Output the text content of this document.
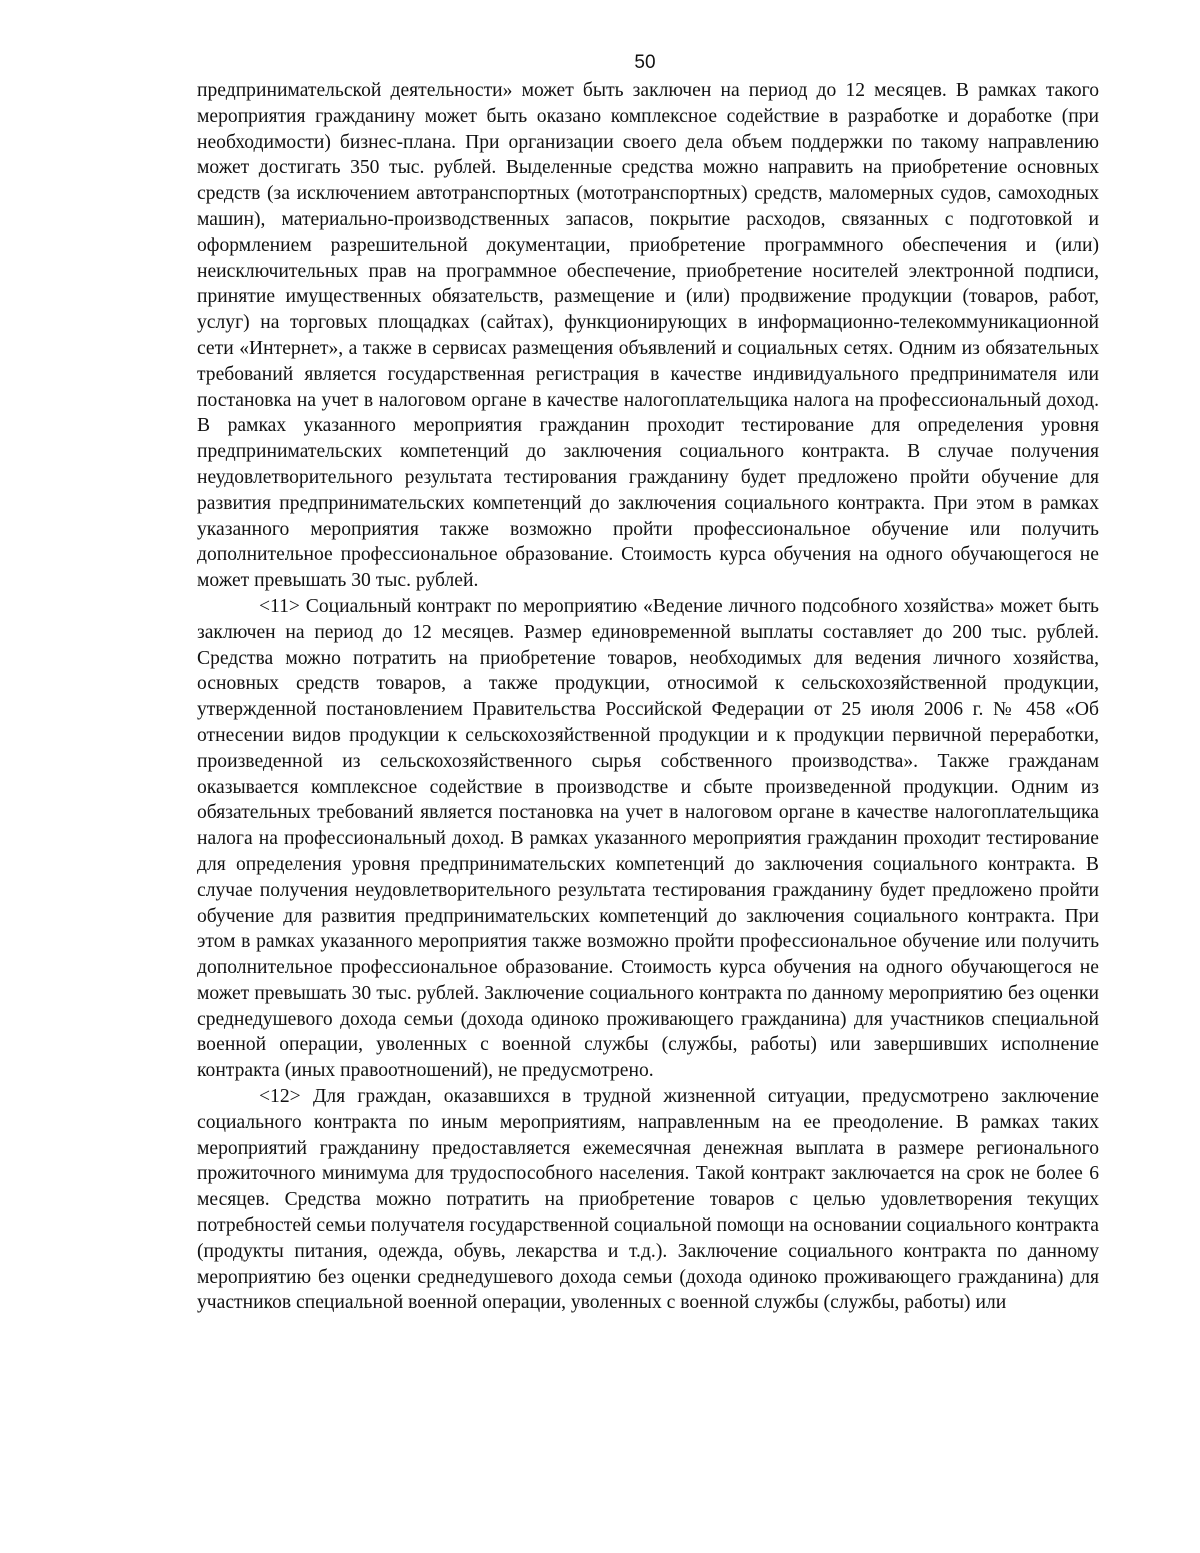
50

предпринимательской деятельности» может быть заключен на период до 12 месяцев. В рамках такого мероприятия гражданину может быть оказано комплексное содействие в разработке и доработке (при необходимости) бизнес-плана. При организации своего дела объем поддержки по такому направлению может достигать 350 тыс. рублей. Выделенные средства можно направить на приобретение основных средств (за исключением автотранспортных (мототранспортных) средств, маломерных судов, самоходных машин), материально-производственных запасов, покрытие расходов, связанных с подготовкой и оформлением разрешительной документации, приобретение программного обеспечения и (или) неисключительных прав на программное обеспечение, приобретение носителей электронной подписи, принятие имущественных обязательств, размещение и (или) продвижение продукции (товаров, работ, услуг) на торговых площадках (сайтах), функционирующих в информационно-телекоммуникационной сети «Интернет», а также в сервисах размещения объявлений и социальных сетях. Одним из обязательных требований является государственная регистрация в качестве индивидуального предпринимателя или постановка на учет в налоговом органе в качестве налогоплательщика налога на профессиональный доход. В рамках указанного мероприятия гражданин проходит тестирование для определения уровня предпринимательских компетенций до заключения социального контракта. В случае получения неудовлетворительного результата тестирования гражданину будет предложено пройти обучение для развития предпринимательских компетенций до заключения социального контракта. При этом в рамках указанного мероприятия также возможно пройти профессиональное обучение или получить дополнительное профессиональное образование. Стоимость курса обучения на одного обучающегося не может превышать 30 тыс. рублей.

<11> Социальный контракт по мероприятию «Ведение личного подсобного хозяйства» может быть заключен на период до 12 месяцев. Размер единовременной выплаты составляет до 200 тыс. рублей. Средства можно потратить на приобретение товаров, необходимых для ведения личного хозяйства, основных средств товаров, а также продукции, относимой к сельскохозяйственной продукции, утвержденной постановлением Правительства Российской Федерации от 25 июля 2006 г. № 458 «Об отнесении видов продукции к сельскохозяйственной продукции и к продукции первичной переработки, произведенной из сельскохозяйственного сырья собственного производства». Также гражданам оказывается комплексное содействие в производстве и сбыте произведенной продукции. Одним из обязательных требований является постановка на учет в налоговом органе в качестве налогоплательщика налога на профессиональный доход. В рамках указанного мероприятия гражданин проходит тестирование для определения уровня предпринимательских компетенций до заключения социального контракта. В случае получения неудовлетворительного результата тестирования гражданину будет предложено пройти обучение для развития предпринимательских компетенций до заключения социального контракта. При этом в рамках указанного мероприятия также возможно пройти профессиональное обучение или получить дополнительное профессиональное образование. Стоимость курса обучения на одного обучающегося не может превышать 30 тыс. рублей. Заключение социального контракта по данному мероприятию без оценки среднедушевого дохода семьи (дохода одиноко проживающего гражданина) для участников специальной военной операции, уволенных с военной службы (службы, работы) или завершивших исполнение контракта (иных правоотношений), не предусмотрено.

<12> Для граждан, оказавшихся в трудной жизненной ситуации, предусмотрено заключение социального контракта по иным мероприятиям, направленным на ее преодоление. В рамках таких мероприятий гражданину предоставляется ежемесячная денежная выплата в размере регионального прожиточного минимума для трудоспособного населения. Такой контракт заключается на срок не более 6 месяцев. Средства можно потратить на приобретение товаров с целью удовлетворения текущих потребностей семьи получателя государственной социальной помощи на основании социального контракта (продукты питания, одежда, обувь, лекарства и т.д.). Заключение социального контракта по данному мероприятию без оценки среднедушевого дохода семьи (дохода одиноко проживающего гражданина) для участников специальной военной операции, уволенных с военной службы (службы, работы) или
